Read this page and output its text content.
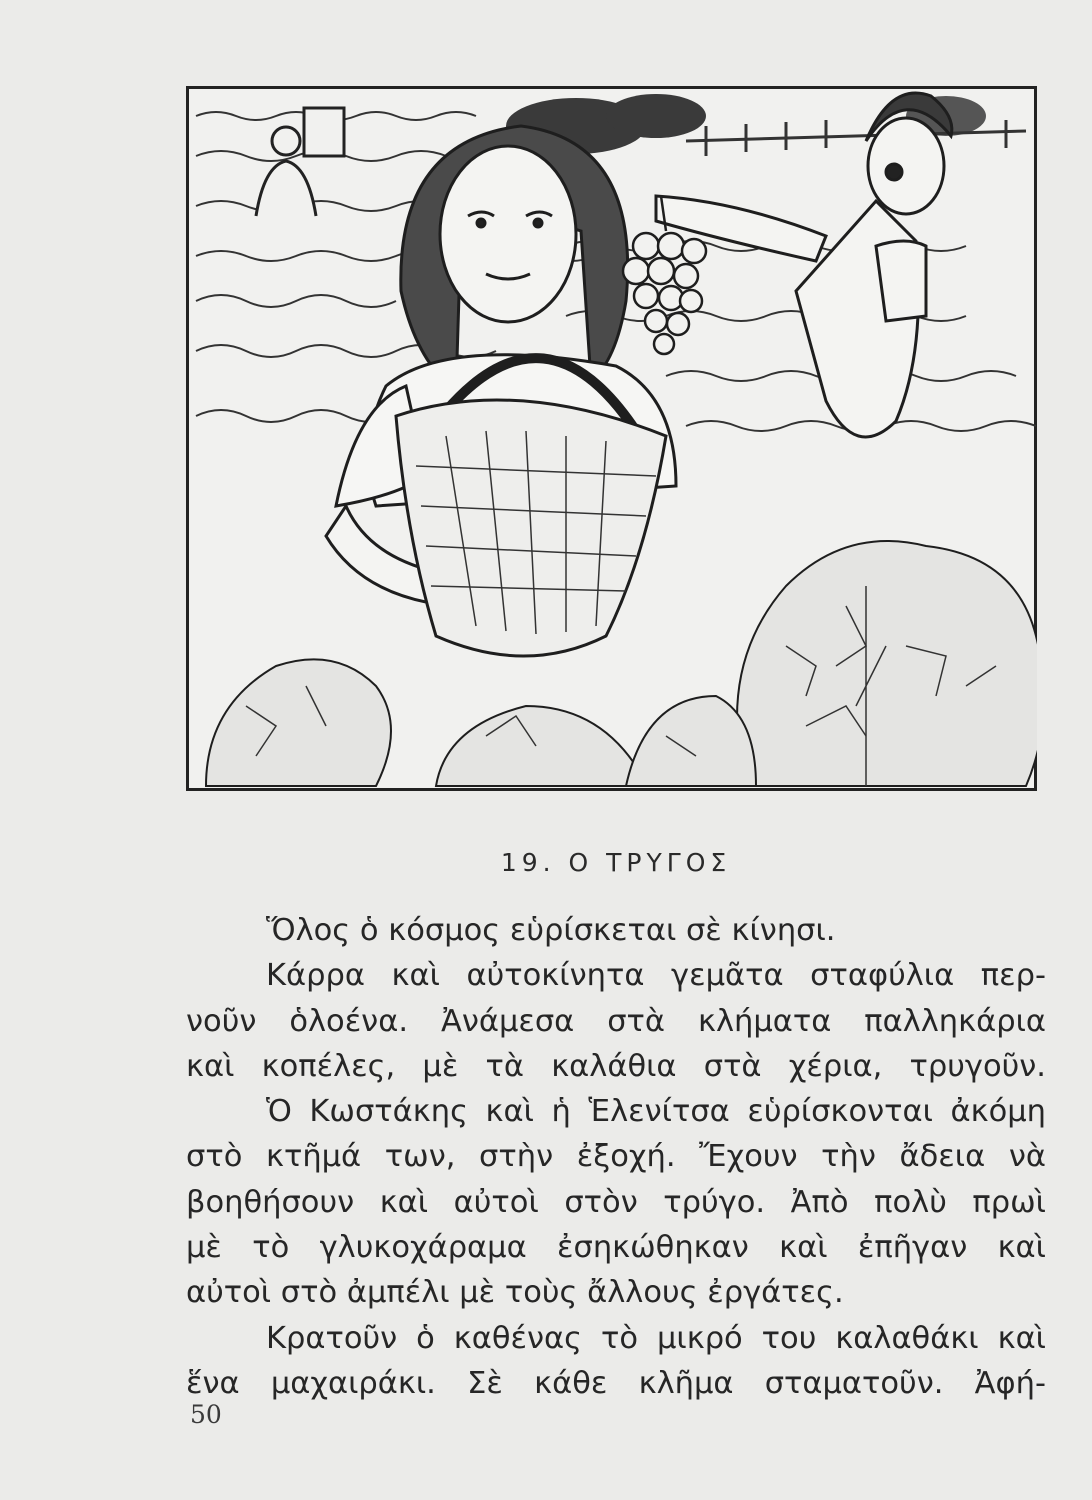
19. Ο ΤΡΥΓΟΣ
Ὅλος ὁ κόσμος εὑρίσκεται σὲ κίνησι.
Κάρρα καὶ αὐτοκίνητα γεμᾶτα σταφύλια περ-
νοῦν ὁλοένα. Ἀνάμεσα στὰ κλήματα παλληκάρια
καὶ κοπέλες, μὲ τὰ καλάθια στὰ χέρια, τρυγοῦν.
Ὁ Κωστάκης καὶ ἡ Ἑλενίτσα εὑρίσκονται ἀκόμη
στὸ κτῆμά των, στὴν ἐξοχή. Ἔχουν τὴν ἄδεια νὰ
βοηθήσουν καὶ αὐτοὶ στὸν τρύγο. Ἀπὸ πολὺ πρωὶ
μὲ τὸ γλυκοχάραμα ἐσηκώθηκαν καὶ ἐπῆγαν καὶ
αὐτοὶ στὸ ἀμπέλι μὲ τοὺς ἄλλους ἐργάτες.
Κρατοῦν ὁ καθένας τὸ μικρό του καλαθάκι καὶ
ἕνα μαχαιράκι. Σὲ κάθε κλῆμα σταματοῦν. Ἀφή-
50
